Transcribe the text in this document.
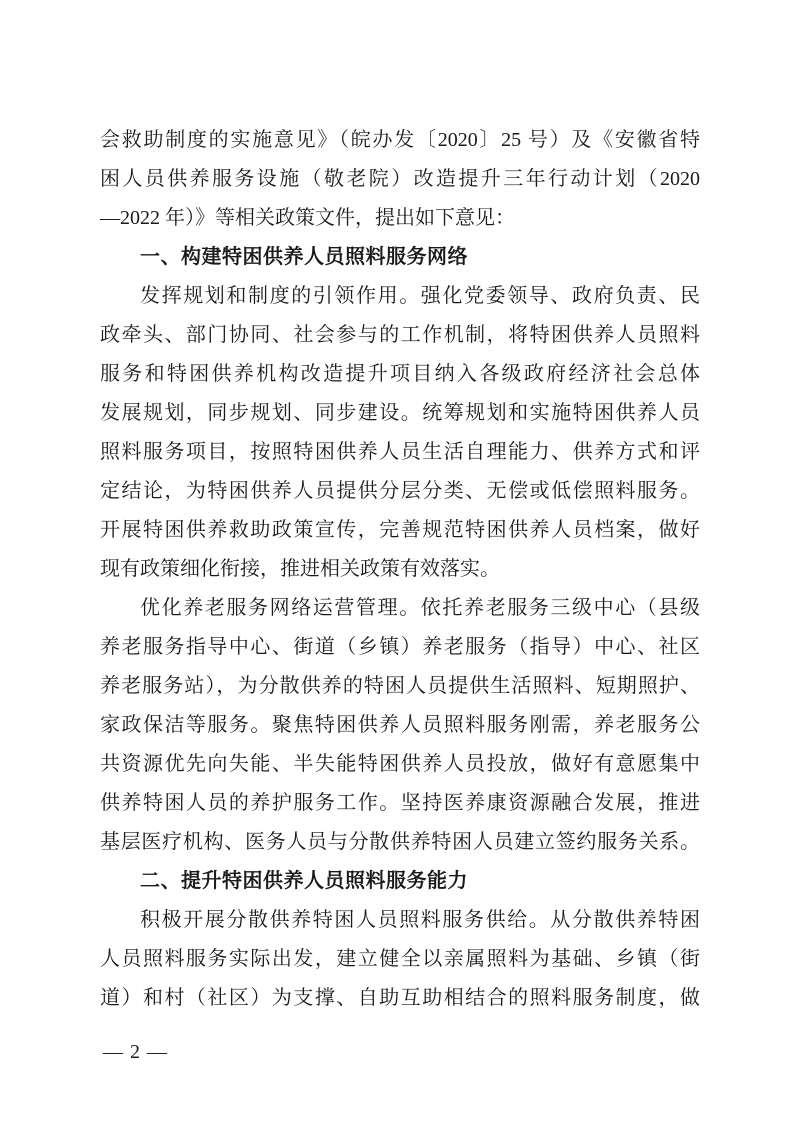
会救助制度的实施意见》（皖办发〔2020〕25 号）及《安徽省特
困人员供养服务设施（敬老院）改造提升三年行动计划（2020
—2022 年）》等相关政策文件，提出如下意见：
一、构建特困供养人员照料服务网络
发挥规划和制度的引领作用。强化党委领导、政府负责、民
政牵头、部门协同、社会参与的工作机制，将特困供养人员照料
服务和特困供养机构改造提升项目纳入各级政府经济社会总体
发展规划，同步规划、同步建设。统筹规划和实施特困供养人员
照料服务项目，按照特困供养人员生活自理能力、供养方式和评
定结论，为特困供养人员提供分层分类、无偿或低偿照料服务。
开展特困供养救助政策宣传，完善规范特困供养人员档案，做好
现有政策细化衔接，推进相关政策有效落实。
优化养老服务网络运营管理。依托养老服务三级中心（县级
养老服务指导中心、街道（乡镇）养老服务（指导）中心、社区
养老服务站），为分散供养的特困人员提供生活照料、短期照护、
家政保洁等服务。聚焦特困供养人员照料服务刚需，养老服务公
共资源优先向失能、半失能特困供养人员投放，做好有意愿集中
供养特困人员的养护服务工作。坚持医养康资源融合发展，推进
基层医疗机构、医务人员与分散供养特困人员建立签约服务关系。
二、提升特困供养人员照料服务能力
积极开展分散供养特困人员照料服务供给。从分散供养特困
人员照料服务实际出发，建立健全以亲属照料为基础、乡镇（街
道）和村（社区）为支撑、自助互助相结合的照料服务制度，做
— 2 —
